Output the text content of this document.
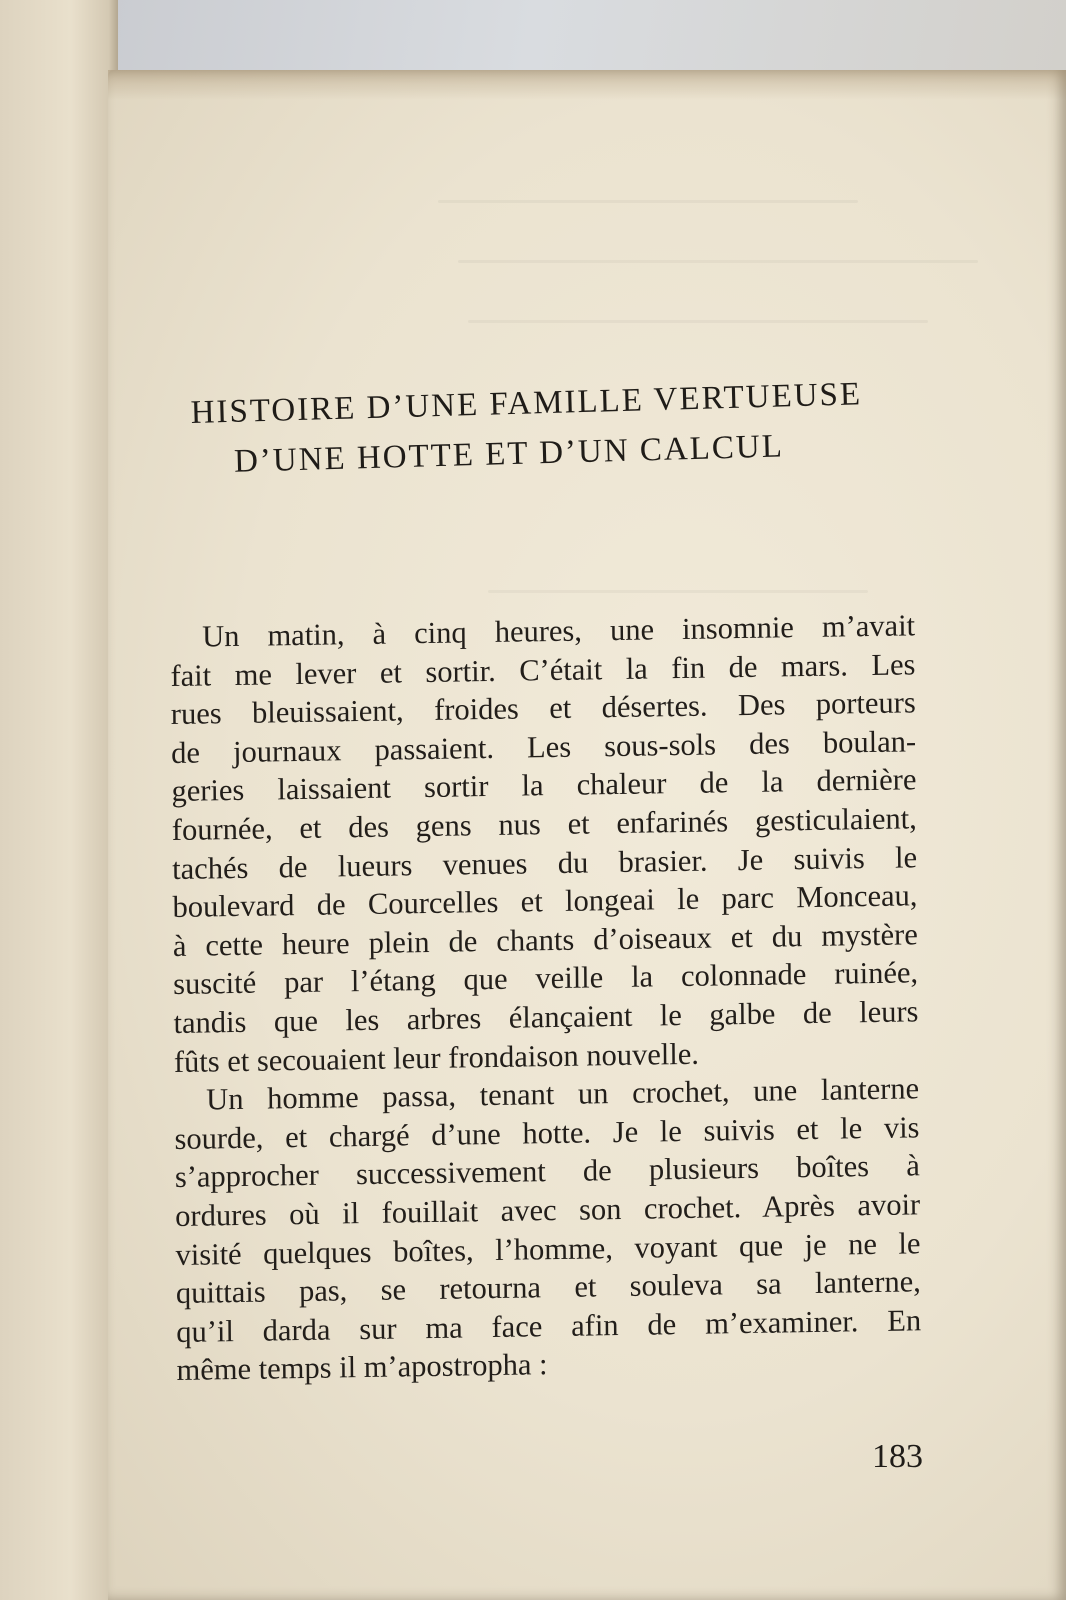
HISTOIRE D’UNE FAMILLE VERTUEUSE
D’UNE HOTTE ET D’UN CALCUL
Un matin, à cinq heures, une insomnie m’avait
fait me lever et sortir. C’était la fin de mars. Les
rues bleuissaient, froides et désertes. Des porteurs
de journaux passaient. Les sous-sols des boulan-
geries laissaient sortir la chaleur de la dernière
fournée, et des gens nus et enfarinés gesticulaient,
tachés de lueurs venues du brasier. Je suivis le
boulevard de Courcelles et longeai le parc Monceau,
à cette heure plein de chants d’oiseaux et du mystère
suscité par l’étang que veille la colonnade ruinée,
tandis que les arbres élançaient le galbe de leurs
fûts et secouaient leur frondaison nouvelle.
Un homme passa, tenant un crochet, une lanterne
sourde, et chargé d’une hotte. Je le suivis et le vis
s’approcher successivement de plusieurs boîtes à
ordures où il fouillait avec son crochet. Après avoir
visité quelques boîtes, l’homme, voyant que je ne le
quittais pas, se retourna et souleva sa lanterne,
qu’il darda sur ma face afin de m’examiner. En
même temps il m’apostropha :
183
